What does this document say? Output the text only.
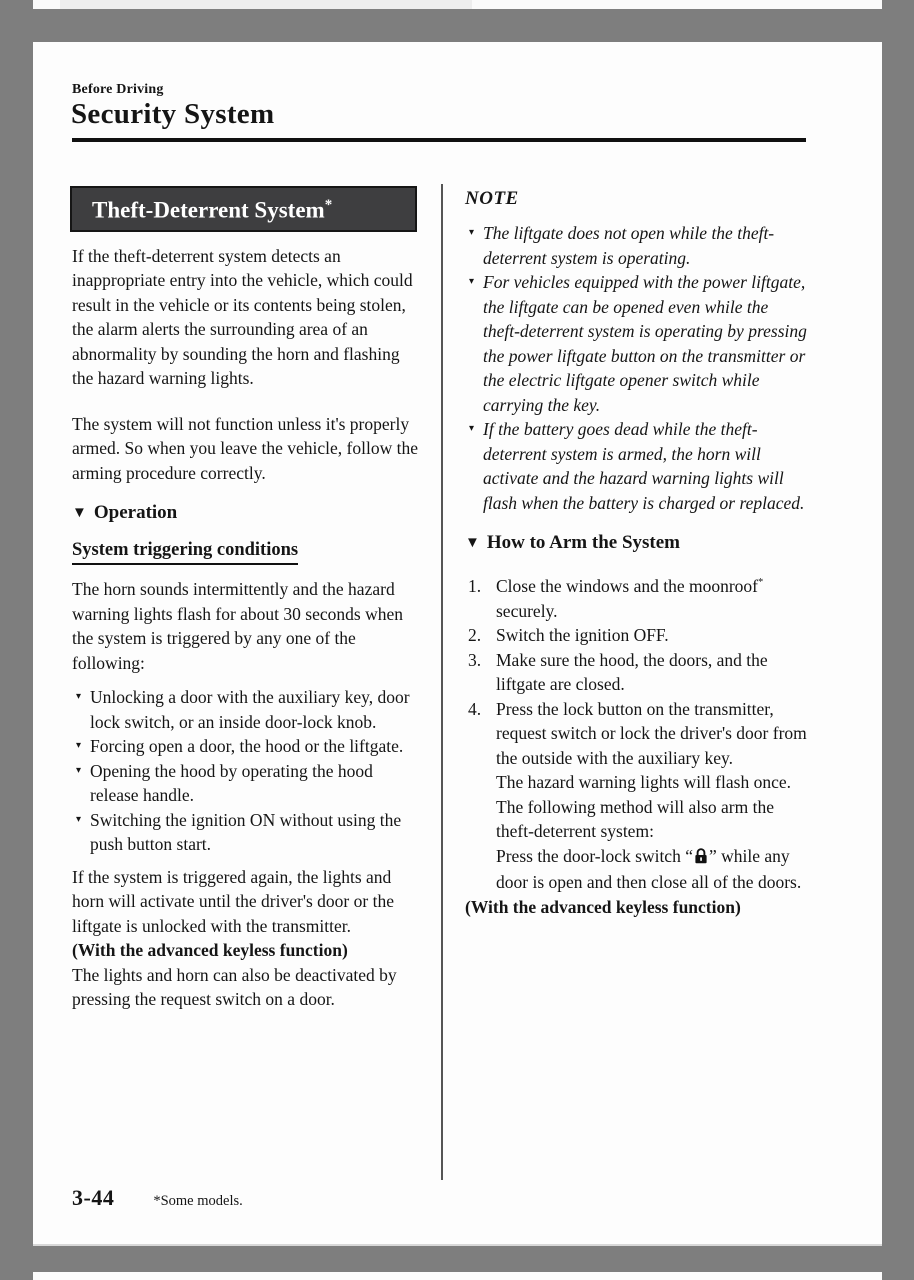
Before Driving
Security System
Theft-Deterrent System*

If the theft-deterrent system detects an inappropriate entry into the vehicle, which could result in the vehicle or its contents being stolen, the alarm alerts the surrounding area of an abnormality by sounding the horn and flashing the hazard warning lights.

The system will not function unless it's properly armed. So when you leave the vehicle, follow the arming procedure correctly.

▼ Operation
System triggering conditions

The horn sounds intermittently and the hazard warning lights flash for about 30 seconds when the system is triggered by any one of the following:

▾ Unlocking a door with the auxiliary key, door lock switch, or an inside door-lock knob.
▾ Forcing open a door, the hood or the liftgate.
▾ Opening the hood by operating the hood release handle.
▾ Switching the ignition ON without using the push button start.

If the system is triggered again, the lights and horn will activate until the driver's door or the liftgate is unlocked with the transmitter.

(With the advanced keyless function)

The lights and horn can also be deactivated by pressing the request switch on a door.

NOTE
▾ The liftgate does not open while the theft-deterrent system is operating.
▾ For vehicles equipped with the power liftgate, the liftgate can be opened even while the theft-deterrent system is operating by pressing the power liftgate button on the transmitter or the electric liftgate opener switch while carrying the key.
▾ If the battery goes dead while the theft-deterrent system is armed, the horn will activate and the hazard warning lights will flash when the battery is charged or replaced.
▼ How to Arm the System
1. Close the windows and the moonroof* securely.
2. Switch the ignition OFF.
3. Make sure the hood, the doors, and the liftgate are closed.
4. Press the lock button on the transmitter, request switch or lock the driver's door from the outside with the auxiliary key.

The hazard warning lights will flash once.

The following method will also arm the theft-deterrent system:

Press the door-lock switch “ ” while any door is open and then close all of the doors.

(With the advanced keyless function)
3-44	*Some models.
